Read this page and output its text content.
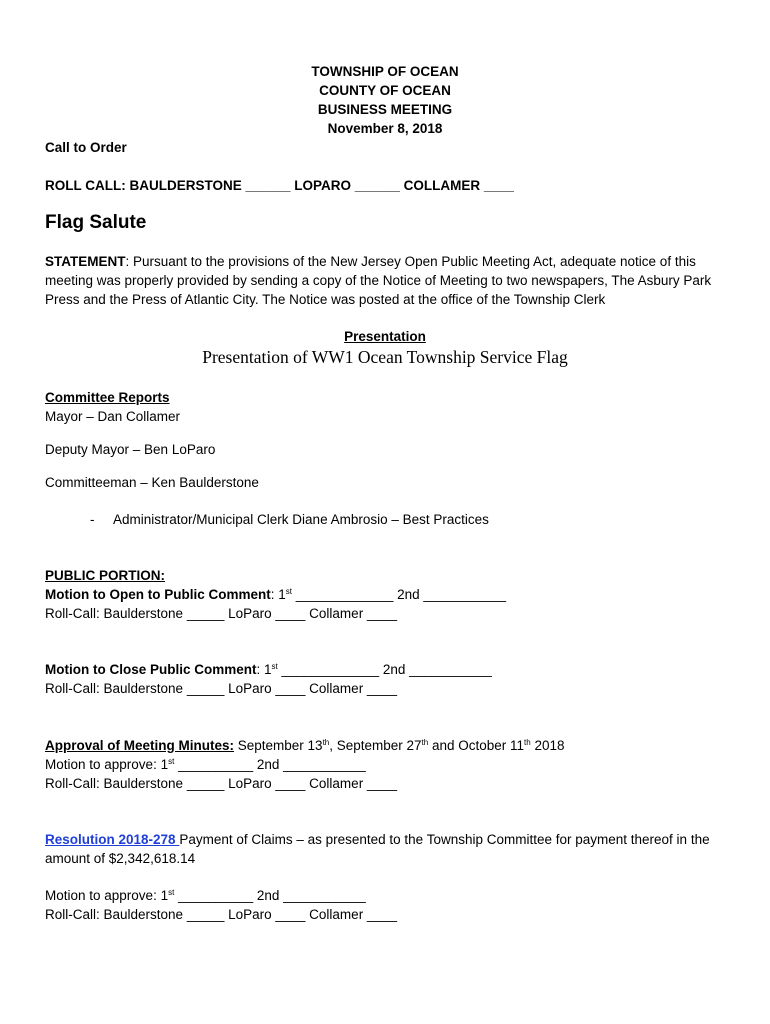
TOWNSHIP OF OCEAN
COUNTY OF OCEAN
BUSINESS MEETING
November 8, 2018
Call to Order
ROLL CALL: BAULDERSTONE ______ LOPARO ______ COLLAMER ____
Flag Salute
STATEMENT: Pursuant to the provisions of the New Jersey Open Public Meeting Act, adequate notice of this meeting was properly provided by sending a copy of the Notice of Meeting to two newspapers, The Asbury Park Press and the Press of Atlantic City. The Notice was posted at the office of the Township Clerk
Presentation
Presentation of WW1 Ocean Township Service Flag
Committee Reports
Mayor – Dan Collamer
Deputy Mayor – Ben LoParo
Committeeman – Ken Baulderstone
- Administrator/Municipal Clerk Diane Ambrosio – Best Practices
PUBLIC PORTION:
Motion to Open to Public Comment: 1st _____________ 2nd ___________
Roll-Call: Baulderstone _____ LoParo ____ Collamer ____
Motion to Close Public Comment: 1st _____________ 2nd ___________
Roll-Call: Baulderstone _____ LoParo ____ Collamer ____
Approval of Meeting Minutes: September 13th, September 27th and October 11th 2018
Motion to approve: 1st __________ 2nd ___________
Roll-Call: Baulderstone _____ LoParo ____ Collamer ____
Resolution 2018-278 Payment of Claims – as presented to the Township Committee for payment thereof in the amount of $2,342,618.14
Motion to approve: 1st __________ 2nd ___________
Roll-Call: Baulderstone _____ LoParo ____ Collamer ____
